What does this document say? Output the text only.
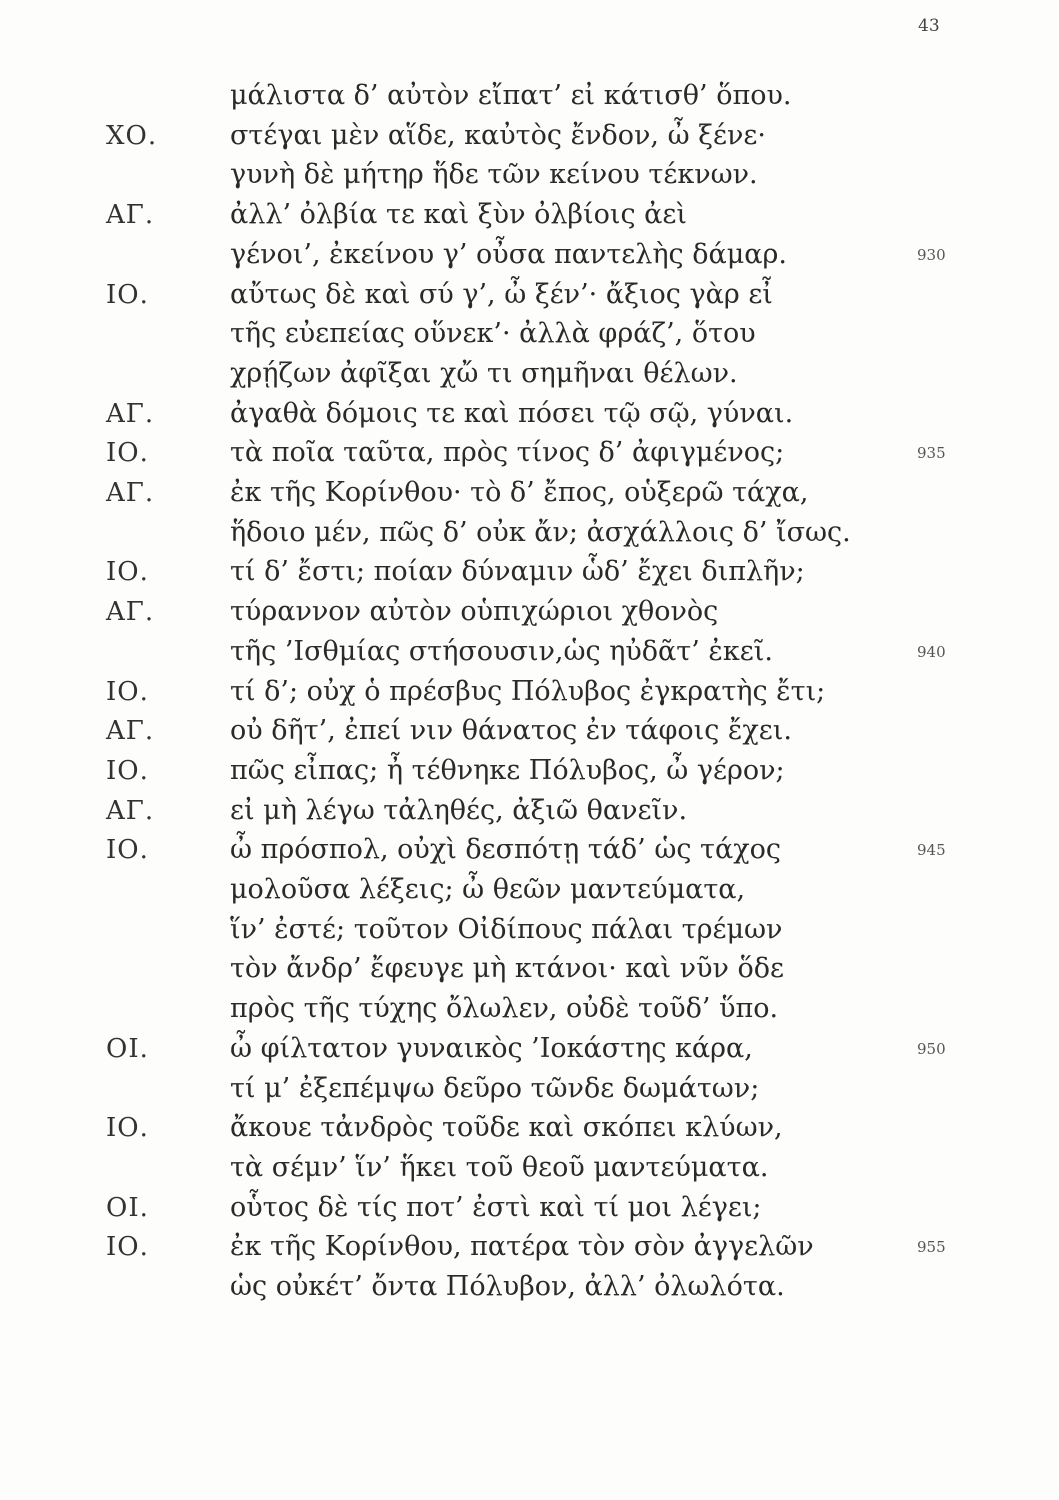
43
μάλιστα δ’ αὐτὸν εἴπατ’ εἰ κάτισθ’ ὅπου.
ΧΟ.	στέγαι μὲν αἵδε, καὐτὸς ἔνδον, ὦ ξένε·
γυνὴ δὲ μήτηρ ἥδε τῶν κείνου τέκνων.
ΑΓ.	ἀλλ’ ὀλβία τε καὶ ξὺν ὀλβίοις ἀεὶ
γένοι’, ἐκείνου γ’ οὖσα παντελὴς δάμαρ.	930
ΙΟ.	αὔτως δὲ καὶ σύ γ’, ὦ ξέν’· ἄξιος γὰρ εἶ
τῆς εὐεπείας οὕνεκ’· ἀλλὰ φράζ’, ὅτου
χρῄζων ἀφῖξαι χὤ τι σημῆναι θέλων.
ΑΓ.	ἀγαθὰ δόμοις τε καὶ πόσει τῷ σῷ, γύναι.
ΙΟ.	τὰ ποῖα ταῦτα, πρὸς τίνος δ’ ἀφιγμένος;	935
ΑΓ.	ἐκ τῆς Κορίνθου· τὸ δ’ ἔπος, οὑξερῶ τάχα,
ἥδοιο μέν, πῶς δ’ οὐκ ἄν; ἀσχάλλοις δ’ ἴσως.
ΙΟ.	τί δ’ ἔστι; ποίαν δύναμιν ὧδ’ ἔχει διπλῆν;
ΑΓ.	τύραννον αὐτὸν οὑπιχώριοι χθονὸς
τῆς ’Ισθμίας στήσουσιν,ὡς ηὐδᾶτ’ ἐκεῖ.	940
ΙΟ.	τί δ’; οὐχ ὁ πρέσβυς Πόλυβος ἐγκρατὴς ἔτι;
ΑΓ.	οὐ δῆτ’, ἐπεί νιν θάνατος ἐν τάφοις ἔχει.
ΙΟ.	πῶς εἶπας; ἦ τέθνηκε Πόλυβος, ὦ γέρον;
ΑΓ.	εἰ μὴ λέγω τἀληθές, ἀξιῶ θανεῖν.
ΙΟ.	ὦ πρόσπολ, οὐχὶ δεσπότῃ τάδ’ ὡς τάχος	945
μολοῦσα λέξεις; ὦ θεῶν μαντεύματα,
ἵν’ ἐστέ; τοῦτον Οἰδίπους πάλαι τρέμων
τὸν ἄνδρ’ ἔφευγε μὴ κτάνοι· καὶ νῦν ὅδε
πρὸς τῆς τύχης ὄλωλεν, οὐδὲ τοῦδ’ ὕπο.
ΟΙ.	ὦ φίλτατον γυναικὸς ’Ιοκάστης κάρα,	950
τί μ’ ἐξεπέμψω δεῦρο τῶνδε δωμάτων;
ΙΟ.	ἄκουε τἀνδρὸς τοῦδε καὶ σκόπει κλύων,
τὰ σέμν’ ἵν’ ἥκει τοῦ θεοῦ μαντεύματα.
ΟΙ.	οὗτος δὲ τίς ποτ’ ἐστὶ καὶ τί μοι λέγει;
ΙΟ.	ἐκ τῆς Κορίνθου, πατέρα τὸν σὸν ἀγγελῶν	955
ὡς οὐκέτ’ ὄντα Πόλυβον, ἀλλ’ ὀλωλότα.
